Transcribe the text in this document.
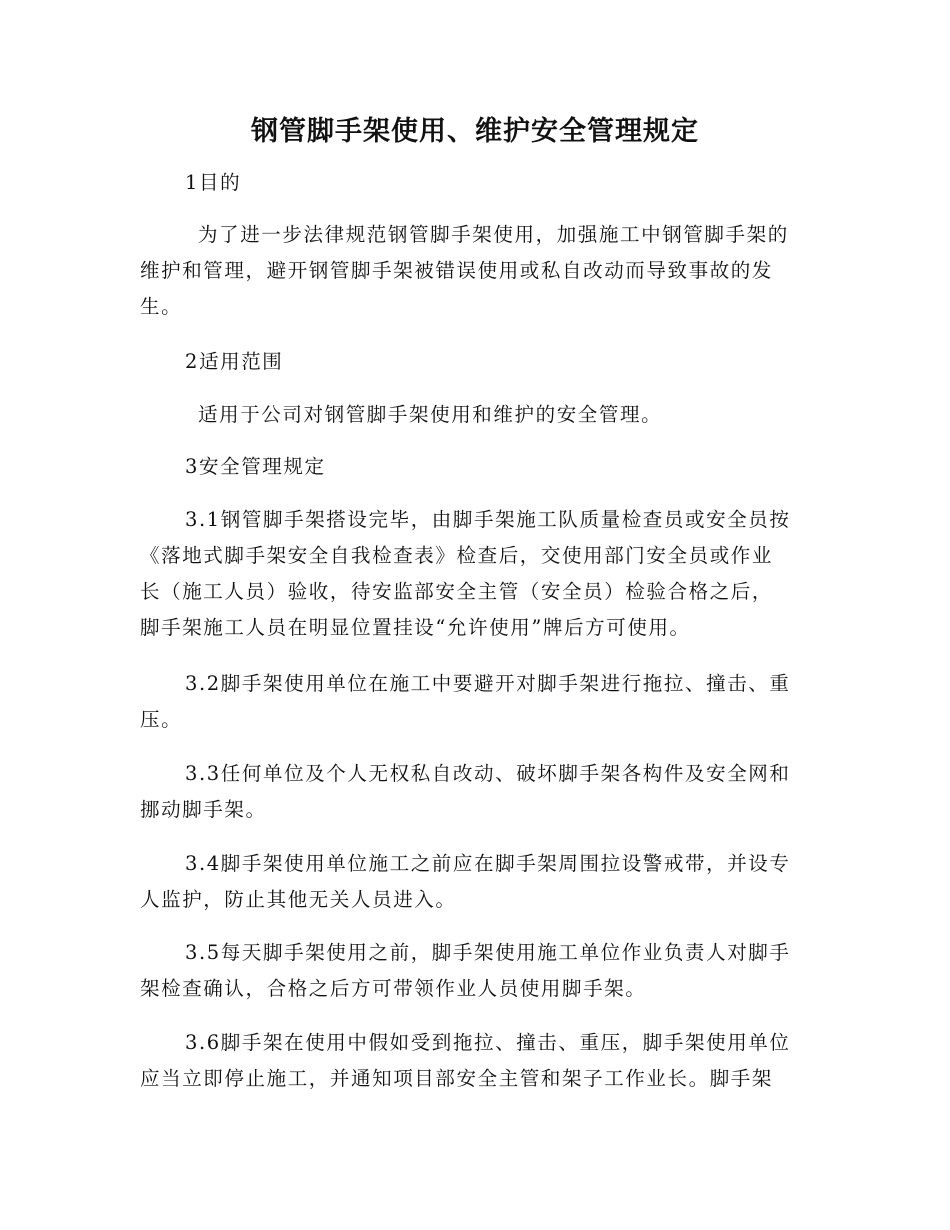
钢管脚手架使用、维护安全管理规定

1目的

为了进一步法律规范钢管脚手架使用，加强施工中钢管脚手架的
维护和管理，避开钢管脚手架被错误使用或私自改动而导致事故的发
生。

2适用范围

适用于公司对钢管脚手架使用和维护的安全管理。

3安全管理规定

3.1钢管脚手架搭设完毕，由脚手架施工队质量检查员或安全员按
《落地式脚手架安全自我检查表》检查后，交使用部门安全员或作业
长（施工人员）验收，待安监部安全主管（安全员）检验合格之后，
脚手架施工人员在明显位置挂设“允许使用”牌后方可使用。

3.2脚手架使用单位在施工中要避开对脚手架进行拖拉、撞击、重
压。

3.3任何单位及个人无权私自改动、破坏脚手架各构件及安全网和
挪动脚手架。

3.4脚手架使用单位施工之前应在脚手架周围拉设警戒带，并设专
人监护，防止其他无关人员进入。

3.5每天脚手架使用之前，脚手架使用施工单位作业负责人对脚手
架检查确认，合格之后方可带领作业人员使用脚手架。

3.6脚手架在使用中假如受到拖拉、撞击、重压，脚手架使用单位
应当立即停止施工，并通知项目部安全主管和架子工作业长。脚手架
